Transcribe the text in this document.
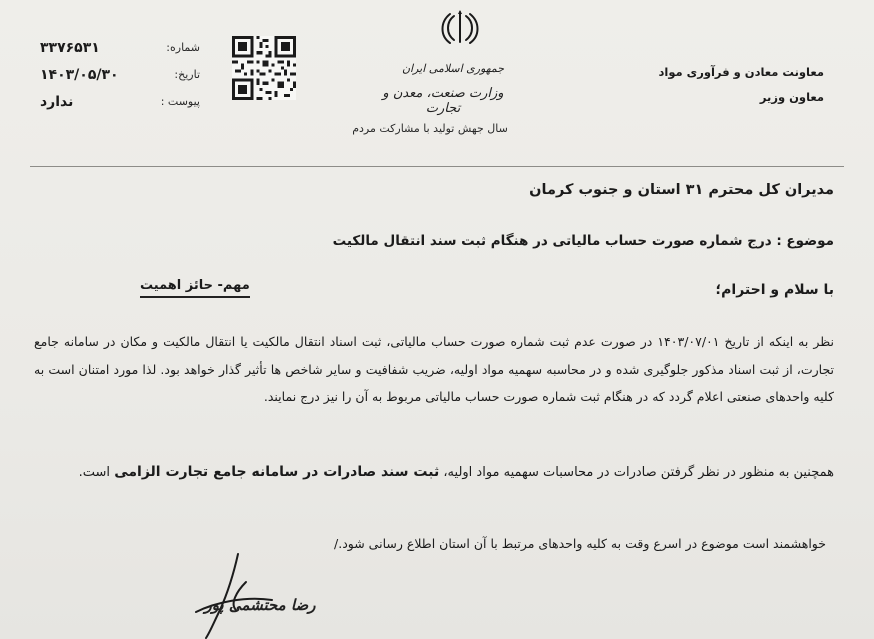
۳۳۷۶۵۳۱	شماره:
۱۴۰۳/۰۵/۳۰	تاریخ:
ندارد	پیوست :
جمهوری اسلامی ایران
وزارت صنعت، معدن و تجارت
سال جهش تولید با مشارکت مردم
معاونت معادن و فرآوری مواد
معاون وزیر
مدیران کل محترم ۳۱ استان و جنوب کرمان
موضوع : درج شماره صورت حساب مالیاتی در هنگام ثبت سند انتقال مالکیت
با سلام و احترام؛
مهم- حائز اهمیت
نظر به اینکه از تاریخ ۱۴۰۳/۰۷/۰۱ در صورت عدم ثبت شماره صورت حساب مالیاتی، ثبت اسناد انتقال مالکیت یا انتقال مالکیت و مکان در سامانه جامع تجارت، از ثبت اسناد مذکور جلوگیری شده و در محاسبه سهمیه مواد اولیه، ضریب شفافیت و سایر شاخص ها تأثیر گذار خواهد بود. لذا مورد امتنان است به کلیه واحدهای صنعتی اعلام گردد که در هنگام ثبت شماره صورت حساب مالیاتی مربوط به آن را نیز درج نمایند.
همچنین به منظور در نظر گرفتن صادرات در محاسبات سهمیه مواد اولیه، ثبت سند صادرات در سامانه جامع تجارت الزامی است.
خواهشمند است موضوع در اسرع وقت به کلیه واحدهای مرتبط با آن استان اطلاع رسانی شود./
رضا محتشمی پور
